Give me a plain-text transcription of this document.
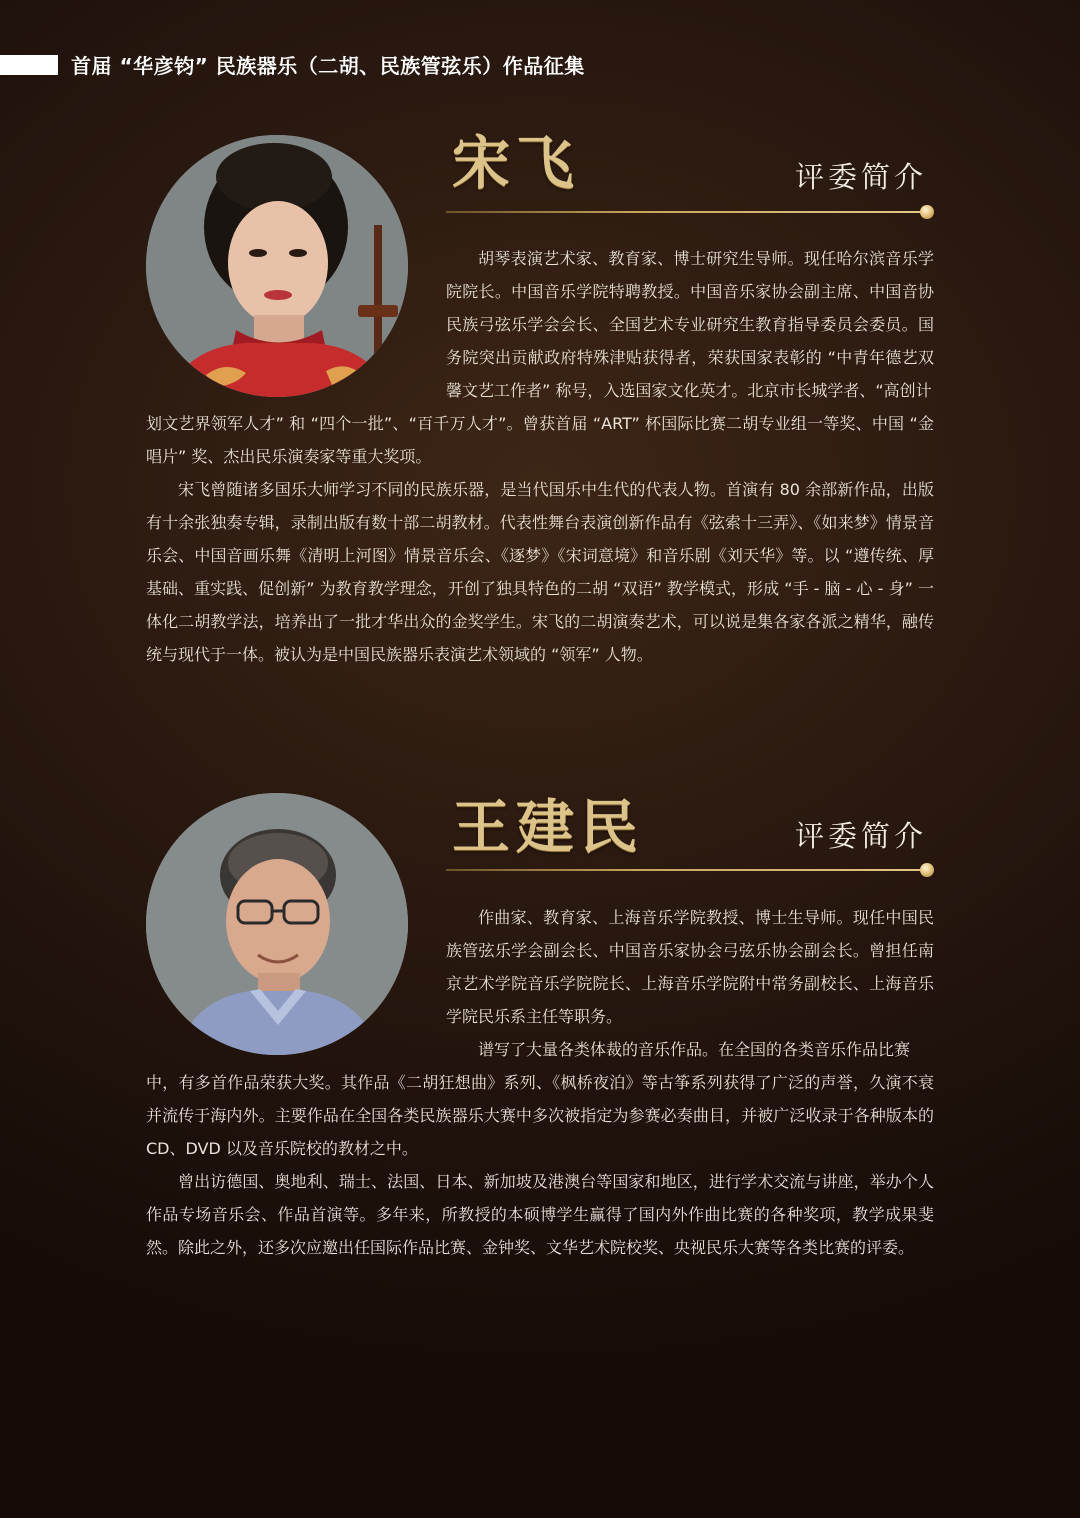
首届 “华彦钧” 民族器乐（二胡、民族管弦乐）作品征集
宋飞	评委简介

胡琴表演艺术家、教育家、博士研究生导师。现任哈尔滨音乐学院院长。中国音乐学院特聘教授。中国音乐家协会副主席、中国音协民族弓弦乐学会会长、全国艺术专业研究生教育指导委员会委员。国务院突出贡献政府特殊津贴获得者，荣获国家表彰的 “中青年德艺双馨文艺工作者” 称号，入选国家文化英才。北京市长城学者、“高创计

划文艺界领军人才” 和 “四个一批”、“百千万人才”。曾获首届 “ART” 杯国际比赛二胡专业组一等奖、中国 “金唱片” 奖、杰出民乐演奏家等重大奖项。

宋飞曾随诸多国乐大师学习不同的民族乐器，是当代国乐中生代的代表人物。首演有 80 余部新作品，出版有十余张独奏专辑，录制出版有数十部二胡教材。代表性舞台表演创新作品有《弦索十三弄》、《如来梦》情景音乐会、中国音画乐舞《清明上河图》情景音乐会、《逐梦》《宋词意境》和音乐剧《刘天华》等。以 “遵传统、厚基础、重实践、促创新” 为教育教学理念，开创了独具特色的二胡 “双语” 教学模式，形成 “手 - 脑 - 心 - 身” 一体化二胡教学法，培养出了一批才华出众的金奖学生。宋飞的二胡演奏艺术，可以说是集各家各派之精华，融传统与现代于一体。被认为是中国民族器乐表演艺术领域的 “领军” 人物。

王建民	评委简介

作曲家、教育家、上海音乐学院教授、博士生导师。现任中国民族管弦乐学会副会长、中国音乐家协会弓弦乐协会副会长。曾担任南京艺术学院音乐学院院长、上海音乐学院附中常务副校长、上海音乐学院民乐系主任等职务。

谱写了大量各类体裁的音乐作品。在全国的各类音乐作品比赛

中，有多首作品荣获大奖。其作品《二胡狂想曲》系列、《枫桥夜泊》等古筝系列获得了广泛的声誉，久演不衰并流传于海内外。主要作品在全国各类民族器乐大赛中多次被指定为参赛必奏曲目，并被广泛收录于各种版本的 CD、DVD 以及音乐院校的教材之中。

曾出访德国、奥地利、瑞士、法国、日本、新加坡及港澳台等国家和地区，进行学术交流与讲座，举办个人作品专场音乐会、作品首演等。多年来，所教授的本硕博学生赢得了国内外作曲比赛的各种奖项，教学成果斐然。除此之外，还多次应邀出任国际作品比赛、金钟奖、文华艺术院校奖、央视民乐大赛等各类比赛的评委。
